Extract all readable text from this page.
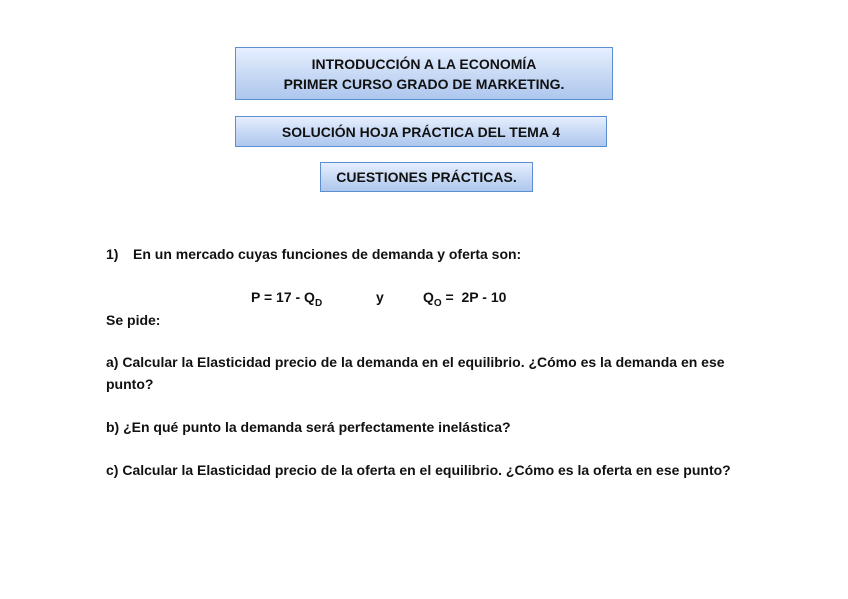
INTRODUCCIÓN A LA ECONOMÍA
PRIMER CURSO GRADO DE MARKETING.
SOLUCIÓN HOJA PRÁCTICA DEL TEMA 4
CUESTIONES PRÁCTICAS.
1) En un mercado cuyas funciones de demanda y oferta son:
$P = 17 - Q_D$	y	$Q_O = 2P - 10$
Se pide:
a) Calcular la Elasticidad precio de la demanda en el equilibrio. ¿Cómo es la demanda en ese punto?
b) ¿En qué punto la demanda será perfectamente inelástica?
c) Calcular la Elasticidad precio de la oferta en el equilibrio. ¿Cómo es la oferta en ese punto?
